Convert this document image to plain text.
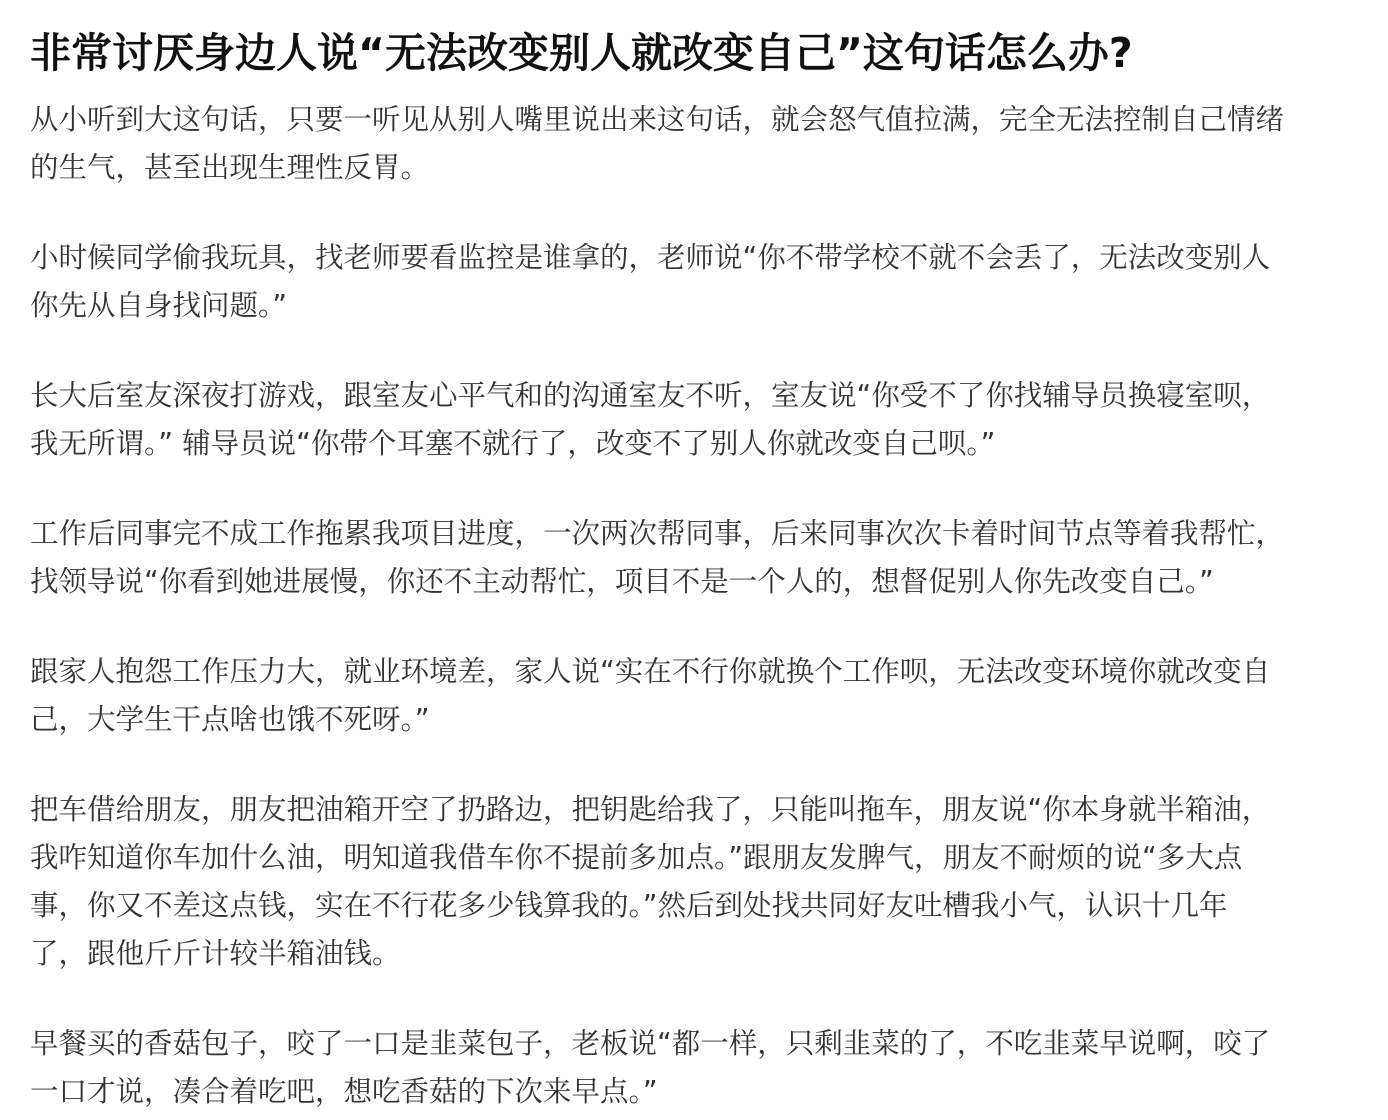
非常讨厌身边人说“无法改变别人就改变自己”这句话怎么办?

从小听到大这句话，只要一听见从别人嘴里说出来这句话，就会怒气值拉满，完全无法控制自己情绪
的生气，甚至出现生理性反胃。

小时候同学偷我玩具，找老师要看监控是谁拿的，老师说“你不带学校不就不会丢了，无法改变别人
你先从自身找问题。”

长大后室友深夜打游戏，跟室友心平气和的沟通室友不听，室友说“你受不了你找辅导员换寝室呗，
我无所谓。” 辅导员说“你带个耳塞不就行了，改变不了别人你就改变自己呗。”

工作后同事完不成工作拖累我项目进度，一次两次帮同事，后来同事次次卡着时间节点等着我帮忙，
找领导说“你看到她进展慢，你还不主动帮忙，项目不是一个人的，想督促别人你先改变自己。”

跟家人抱怨工作压力大，就业环境差，家人说“实在不行你就换个工作呗，无法改变环境你就改变自
己，大学生干点啥也饿不死呀。”

把车借给朋友，朋友把油箱开空了扔路边，把钥匙给我了，只能叫拖车，朋友说“你本身就半箱油，
我咋知道你车加什么油，明知道我借车你不提前多加点。”跟朋友发脾气，朋友不耐烦的说“多大点
事，你又不差这点钱，实在不行花多少钱算我的。”然后到处找共同好友吐槽我小气，认识十几年
了，跟他斤斤计较半箱油钱。

早餐买的香菇包子，咬了一口是韭菜包子，老板说“都一样，只剩韭菜的了，不吃韭菜早说啊，咬了
一口才说，凑合着吃吧，想吃香菇的下次来早点。”
